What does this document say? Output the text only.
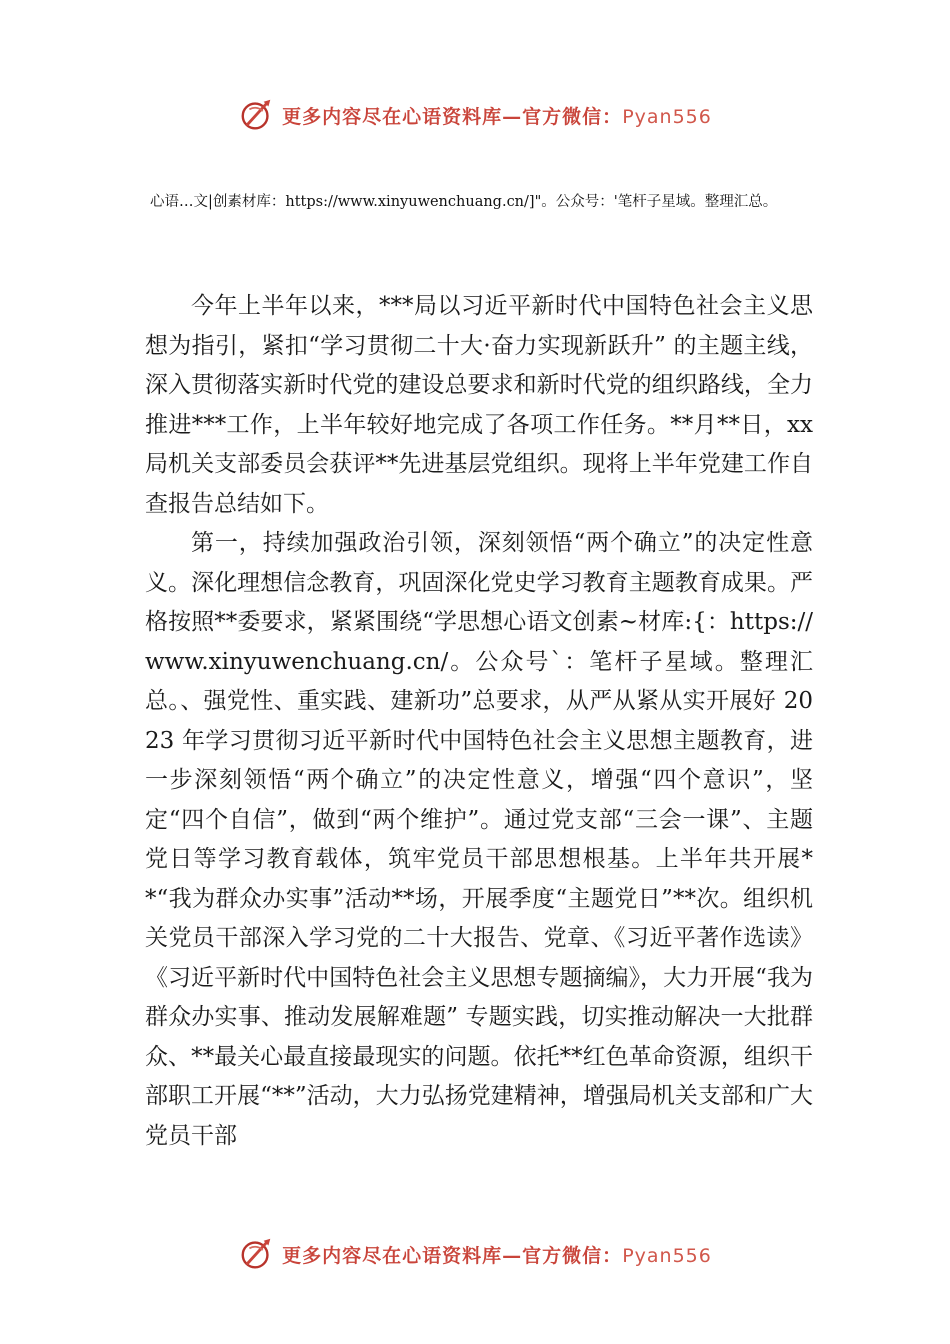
更多内容尽在心语资料库—官方微信：Pyan556
心语…文|创素材库：https://www.xinyuwenchuang.cn/]"。公众号：'笔杆子星域。整理汇总。

今年上半年以来，***局以习近平新时代中国特色社会主义思想为指引，紧扣“学习贯彻二十大·奋力实现新跃升” 的主题主线，深入贯彻落实新时代党的建设总要求和新时代党的组织路线，全力推进***工作，上半年较好地完成了各项工作任务。**月**日，xx局机关支部委员会获评**先进基层党组织。现将上半年党建工作自查报告总结如下。

第一，持续加强政治引领，深刻领悟“两个确立”的决定性意义。深化理想信念教育，巩固深化党史学习教育主题教育成果。严格按照**委要求，紧紧围绕“学思想心语文创素~材库:{：https://www.xinyuwenchuang.cn/。公众号`：笔杆子星域。整理汇总。、强党性、重实践、建新功”总要求，从严从紧从实开展好 2023 年学习贯彻习近平新时代中国特色社会主义思想主题教育，进一步深刻领悟“两个确立”的决定性意义，增强“四个意识”，坚定“四个自信”，做到“两个维护”。通过党支部“三会一课”、主题党日等学习教育载体，筑牢党员干部思想根基。上半年共开展**“我为群众办实事”活动**场，开展季度“主题党日”**次。组织机关党员干部深入学习党的二十大报告、党章、《习近平著作选读》《习近平新时代中国特色社会主义思想专题摘编》，大力开展“我为群众办实事、推动发展解难题” 专题实践，切实推动解决一大批群众、**最关心最直接最现实的问题。依托**红色革命资源，组织干部职工开展“**”活动，大力弘扬党建精神，增强局机关支部和广大党员干部

更多内容尽在心语资料库—官方微信：Pyan556
